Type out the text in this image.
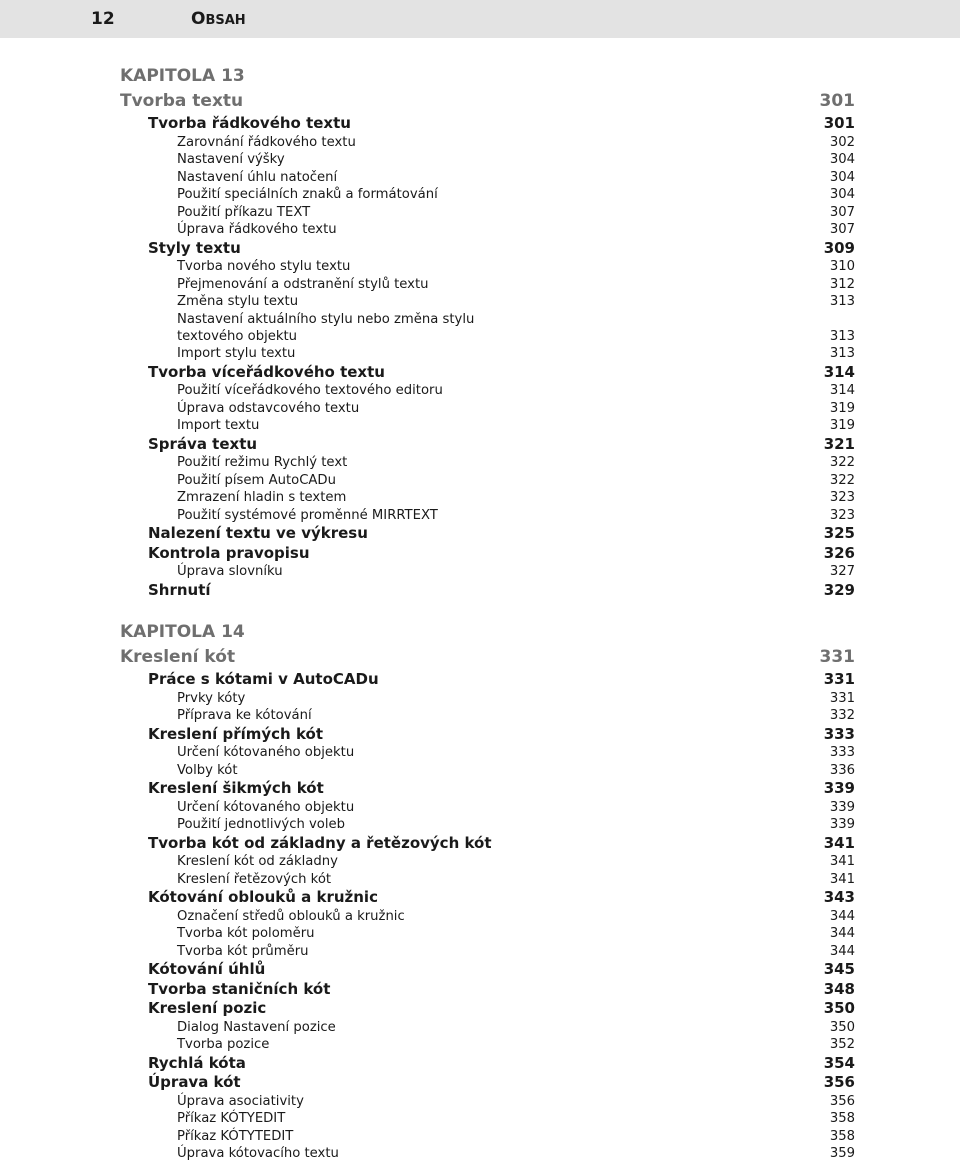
12	OBSAH
KAPITOLA 13
Tvorba textu	301
Tvorba řádkového textu	301
Zarovnání řádkového textu	302
Nastavení výšky	304
Nastavení úhlu natočení	304
Použití speciálních znaků a formátování	304
Použití příkazu TEXT	307
Úprava řádkového textu	307
Styly textu	309
Tvorba nového stylu textu	310
Přejmenování a odstranění stylů textu	312
Změna stylu textu	313
Nastavení aktuálního stylu nebo změna stylu
textového objektu	313
Import stylu textu	313
Tvorba víceřádkového textu	314
Použití víceřádkového textového editoru	314
Úprava odstavcového textu	319
Import textu	319
Správa textu	321
Použití režimu Rychlý text	322
Použití písem AutoCADu	322
Zmrazení hladin s textem	323
Použití systémové proměnné MIRRTEXT	323
Nalezení textu ve výkresu	325
Kontrola pravopisu	326
Úprava slovníku	327
Shrnutí	329
KAPITOLA 14
Kreslení kót	331
Práce s kótami v AutoCADu	331
Prvky kóty	331
Příprava ke kótování	332
Kreslení přímých kót	333
Určení kótovaného objektu	333
Volby kót	336
Kreslení šikmých kót	339
Určení kótovaného objektu	339
Použití jednotlivých voleb	339
Tvorba kót od základny a řetězových kót	341
Kreslení kót od základny	341
Kreslení řetězových kót	341
Kótování oblouků a kružnic	343
Označení středů oblouků a kružnic	344
Tvorba kót poloměru	344
Tvorba kót průměru	344
Kótování úhlů	345
Tvorba staničních kót	348
Kreslení pozic	350
Dialog Nastavení pozice	350
Tvorba pozice	352
Rychlá kóta	354
Úprava kót	356
Úprava asociativity	356
Příkaz KÓTYEDIT	358
Příkaz KÓTYTEDIT	358
Úprava kótovacího textu	359
